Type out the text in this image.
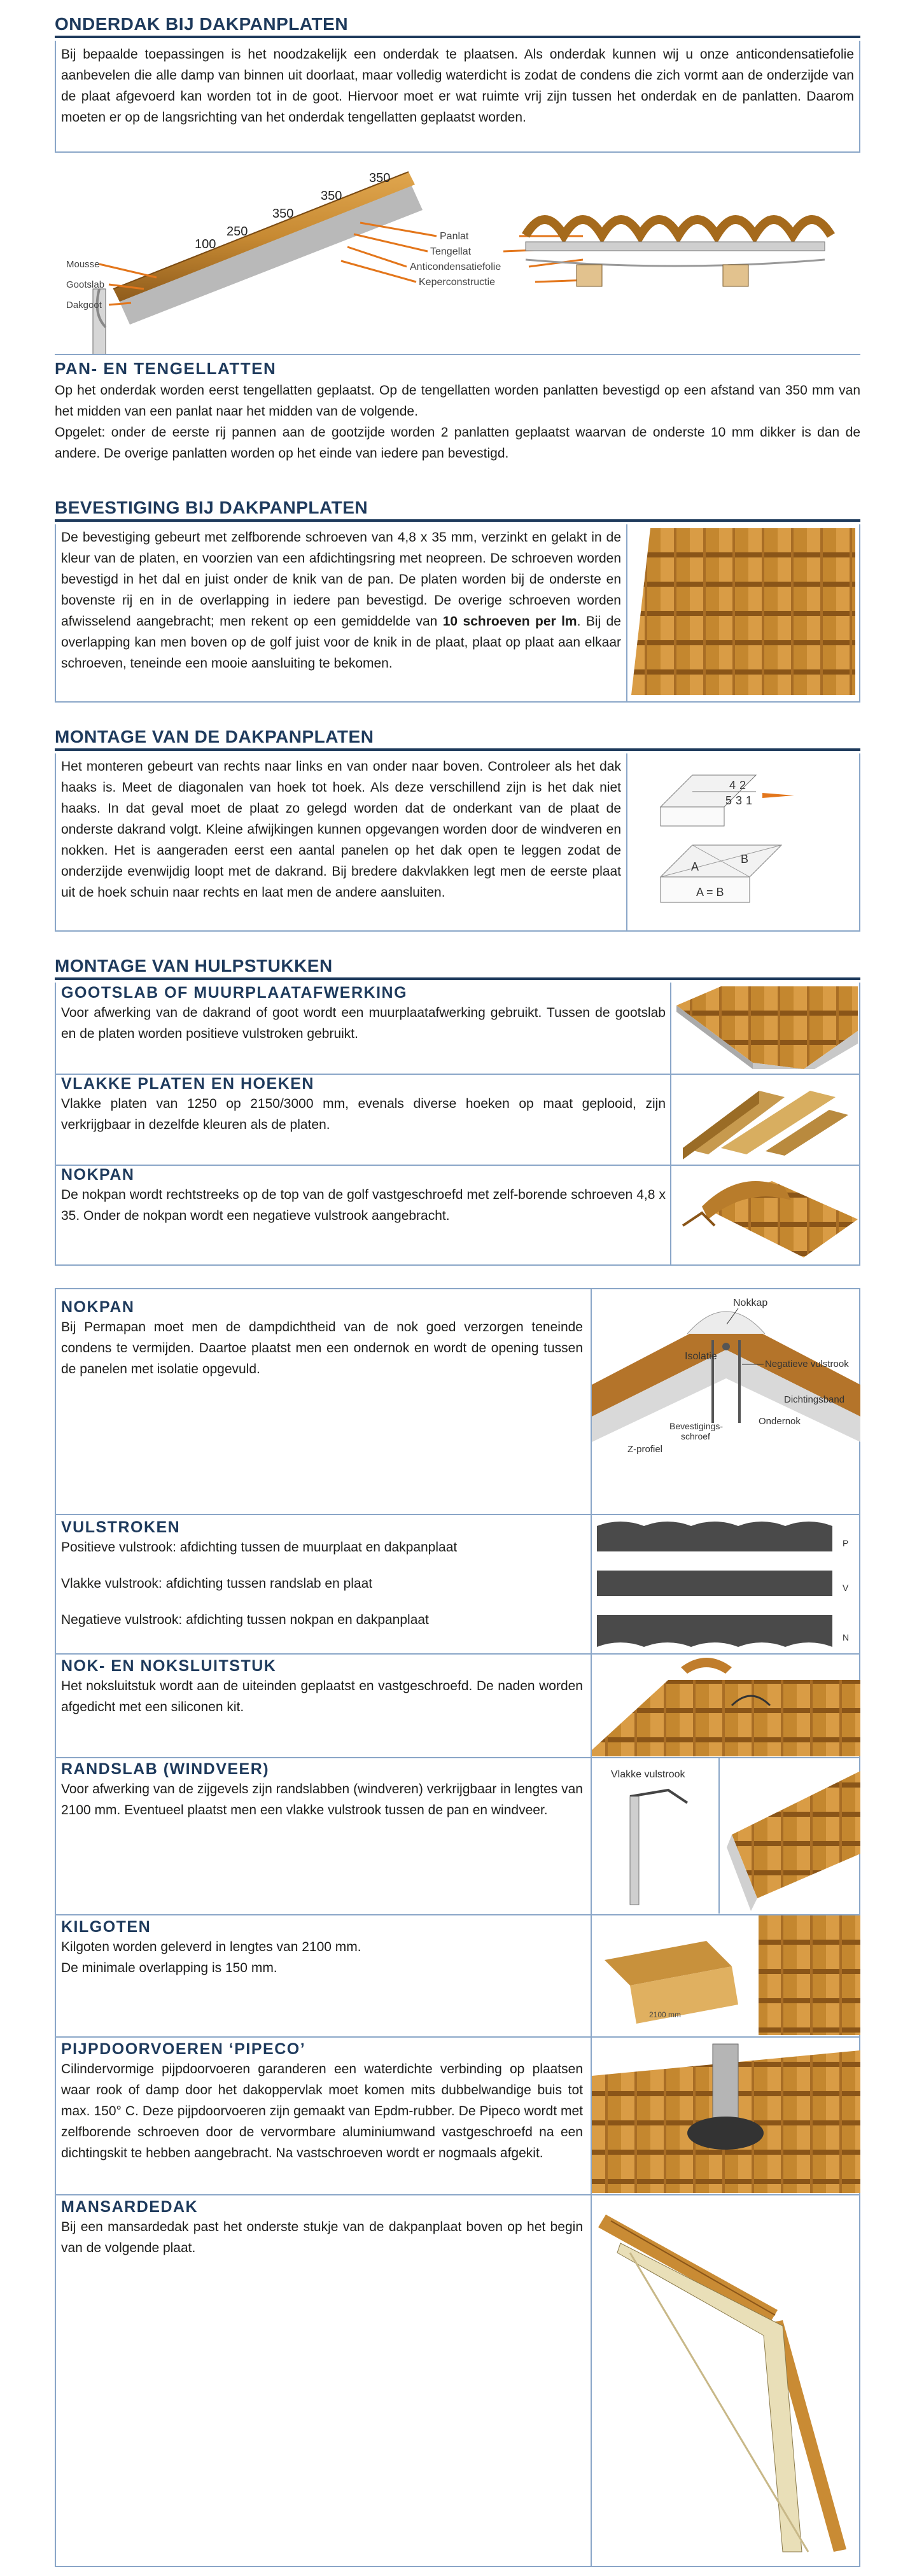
ONDERDAK BIJ DAKPANPLATEN
Bij bepaalde toepassingen is het noodzakelijk een onderdak te plaatsen. Als onderdak kunnen wij u onze anticondensatiefolie aanbevelen die alle damp van binnen uit doorlaat, maar volledig waterdicht is zodat de condens die zich vormt aan de onderzijde van de plaat afgevoerd kan worden tot in de goot. Hiervoor moet er wat ruimte vrij zijn tussen het onderdak en de panlatten. Daarom moeten er op de langsrichting van het onderdak tengellatten geplaatst worden.
100
250
350
350
350
Mousse
Gootslab
Dakgoot
Panlat
Tengellat
Anticondensatiefolie
Keperconstructie
PAN- EN TENGELLATTEN
Op het onderdak worden eerst tengellatten geplaatst. Op de tengellatten worden panlatten bevestigd op een afstand van 350 mm van het midden van een panlat naar het midden van de volgende.
Opgelet: onder de eerste rij pannen aan de gootzijde worden 2 panlatten geplaatst waarvan de onderste 10 mm dikker is dan de andere. De overige panlatten worden op het einde van iedere pan bevestigd.
BEVESTIGING BIJ DAKPANPLATEN
De bevestiging gebeurt met zelfborende schroeven van 4,8 x 35 mm, verzinkt en gelakt in de kleur van de platen, en voorzien van een afdichtingsring met neopreen. De schroeven worden bevestigd in het dal en juist onder de knik van de pan. De platen worden bij de onderste en bovenste rij en in de overlapping in iedere pan bevestigd. De overige schroeven worden afwisselend aangebracht; men rekent op een gemiddelde van 10 schroeven per lm. Bij de overlapping kan men boven op de golf juist voor de knik in de plaat, plaat op plaat aan elkaar schroeven, teneinde een mooie aansluiting te bekomen.
MONTAGE VAN DE DAKPANPLATEN
Het monteren gebeurt van rechts naar links en van onder naar boven. Controleer als het dak haaks is. Meet de diagonalen van hoek tot hoek. Als deze verschillend zijn is het dak niet haaks. In dat geval moet de plaat zo gelegd worden dat de onderkant van de plaat de onderste dakrand volgt. Kleine afwijkingen kunnen opgevangen worden door de windveren en nokken. Het is aangeraden eerst een aantal panelen op het dak open te leggen zodat de onderzijde evenwijdig loopt met de dakrand. Bij bredere dakvlakken legt men de eerste plaat uit de hoek schuin naar rechts en laat men de andere aansluiten.
4 2
5 3 1
A
B
A = B
MONTAGE VAN HULPSTUKKEN
GOOTSLAB OF MUURPLAATAFWERKING
Voor afwerking van de dakrand of goot wordt een muurplaatafwerking gebruikt. Tussen de gootslab en de platen worden positieve vulstroken gebruikt.
VLAKKE PLATEN EN HOEKEN
Vlakke platen van 1250 op 2150/3000 mm, evenals diverse hoeken op maat geplooid, zijn verkrijgbaar in dezelfde kleuren als de platen.
NOKPAN
De nokpan wordt rechtstreeks op de top van de golf vastgeschroefd met zelf-borende schroeven 4,8 x 35. Onder de nokpan wordt een negatieve vulstrook aangebracht.
NOKPAN
Bij Permapan moet men de dampdichtheid van de nok goed verzorgen teneinde condens te vermijden. Daartoe plaatst men een ondernok en wordt de opening tussen de panelen met isolatie opgevuld.
Nokkap
Isolatie
Negatieve vulstrook
Dichtingsband
Ondernok
Bevestigings-
schroef
Z-profiel
VULSTROKEN
Positieve vulstrook: afdichting tussen de muurplaat en dakpanplaat
Vlakke vulstrook: afdichting tussen randslab en plaat
Negatieve vulstrook: afdichting tussen nokpan en dakpanplaat
P
V
N
NOK- EN NOKSLUITSTUK
Het noksluitstuk wordt aan de uiteinden geplaatst en vastgeschroefd. De naden worden afgedicht met een siliconen kit.
RANDSLAB (WINDVEER)
Voor afwerking van de zijgevels zijn randslabben (windveren) verkrijgbaar in lengtes van 2100 mm. Eventueel plaatst men een vlakke vulstrook tussen de pan en windveer.
Vlakke vulstrook
KILGOTEN
Kilgoten worden geleverd in lengtes van 2100 mm.
De minimale overlapping is 150 mm.
2100 mm
PIJPDOORVOEREN ‘PIPECO’
Cilindervormige pijpdoorvoeren garanderen een waterdichte verbinding op plaatsen waar rook of damp door het dakoppervlak moet komen mits dubbelwandige buis tot max. 150° C. Deze pijpdoorvoeren zijn gemaakt van Epdm-rubber. De Pipeco wordt met zelfborende schroeven door de vervormbare aluminiumwand vastgeschroefd na een dichtingskit te hebben aangebracht. Na vastschroeven wordt er nogmaals afgekit.
MANSARDEDAK
Bij een mansardedak past het onderste stukje van de dakpanplaat boven op het begin van de volgende plaat.
